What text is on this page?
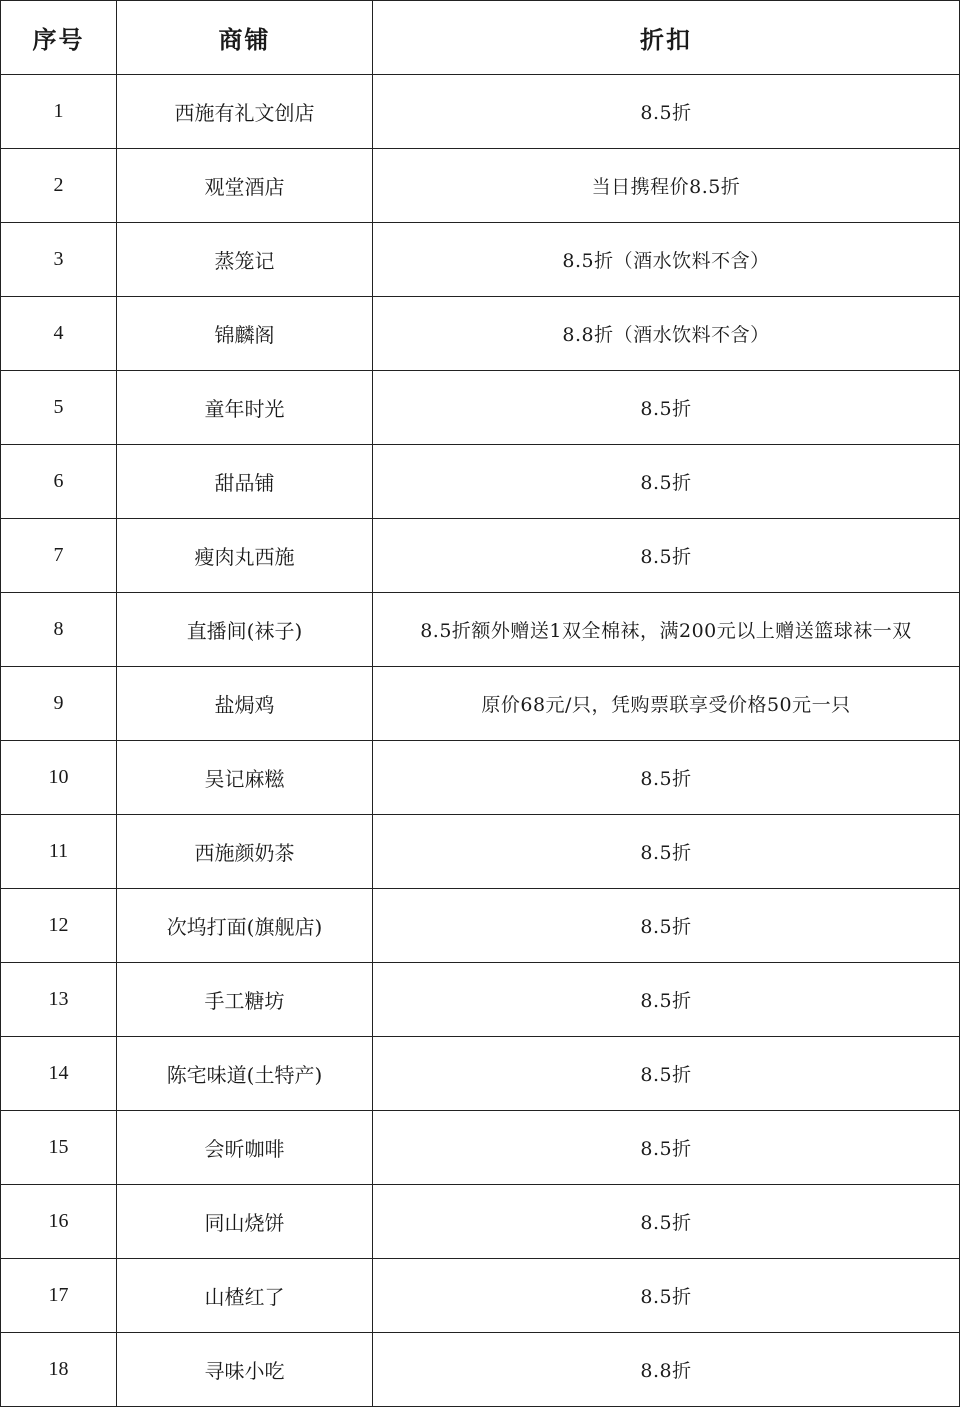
序号	商铺	折扣
1	西施有礼文创店	8.5折
2	观堂酒店	当日携程价8.5折
3	蒸笼记	8.5折（酒水饮料不含）
4	锦麟阁	8.8折（酒水饮料不含）
5	童年时光	8.5折
6	甜品铺	8.5折
7	瘦肉丸西施	8.5折
8	直播间(袜子)	8.5折额外赠送1双全棉袜，满200元以上赠送篮球袜一双
9	盐焗鸡	原价68元/只，凭购票联享受价格50元一只
10	吴记麻糍	8.5折
11	西施颜奶茶	8.5折
12	次坞打面(旗舰店)	8.5折
13	手工糖坊	8.5折
14	陈宅味道(土特产)	8.5折
15	会昕咖啡	8.5折
16	同山烧饼	8.5折
17	山楂红了	8.5折
18	寻味小吃	8.8折
